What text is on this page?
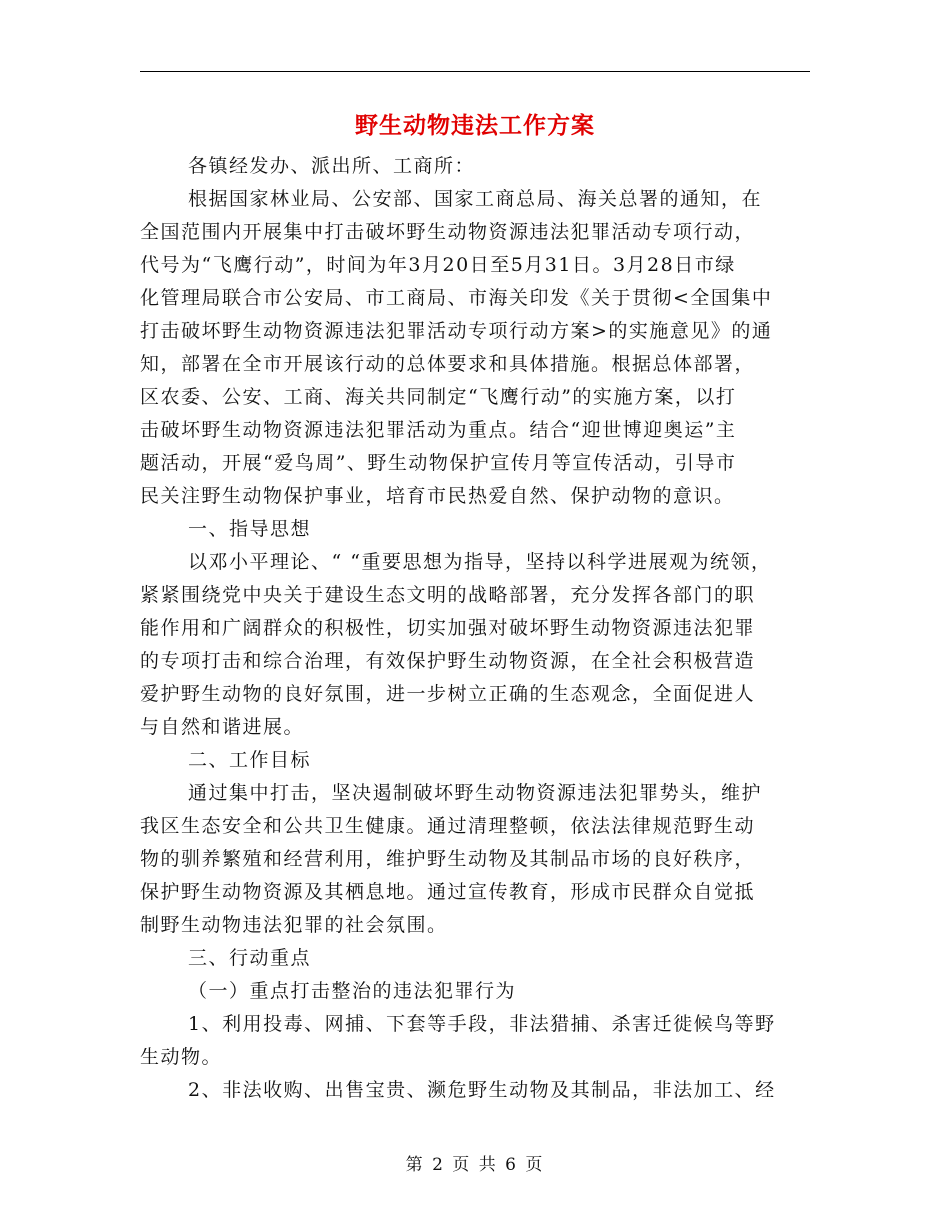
野生动物违法工作方案
各镇经发办、派出所、工商所：
根据国家林业局、公安部、国家工商总局、海关总署的通知，在
全国范围内开展集中打击破坏野生动物资源违法犯罪活动专项行动，
代号为“飞鹰行动”，时间为年3月20日至5月31日。3月28日市绿
化管理局联合市公安局、市工商局、市海关印发《关于贯彻<全国集中
打击破坏野生动物资源违法犯罪活动专项行动方案>的实施意见》的通
知，部署在全市开展该行动的总体要求和具体措施。根据总体部署，
区农委、公安、工商、海关共同制定“飞鹰行动”的实施方案，以打
击破坏野生动物资源违法犯罪活动为重点。结合“迎世博迎奥运”主
题活动，开展“爱鸟周”、野生动物保护宣传月等宣传活动，引导市
民关注野生动物保护事业，培育市民热爱自然、保护动物的意识。
一、指导思想
以邓小平理论、“ “重要思想为指导，坚持以科学进展观为统领，
紧紧围绕党中央关于建设生态文明的战略部署，充分发挥各部门的职
能作用和广阔群众的积极性，切实加强对破坏野生动物资源违法犯罪
的专项打击和综合治理，有效保护野生动物资源，在全社会积极营造
爱护野生动物的良好氛围，进一步树立正确的生态观念，全面促进人
与自然和谐进展。
二、工作目标
通过集中打击，坚决遏制破坏野生动物资源违法犯罪势头，维护
我区生态安全和公共卫生健康。通过清理整顿，依法法律规范野生动
物的驯养繁殖和经营利用，维护野生动物及其制品市场的良好秩序，
保护野生动物资源及其栖息地。通过宣传教育，形成市民群众自觉抵
制野生动物违法犯罪的社会氛围。
三、行动重点
（一）重点打击整治的违法犯罪行为
1、利用投毒、网捕、下套等手段，非法猎捕、杀害迁徙候鸟等野
生动物。
2、非法收购、出售宝贵、濒危野生动物及其制品，非法加工、经
第 2 页 共 6 页
